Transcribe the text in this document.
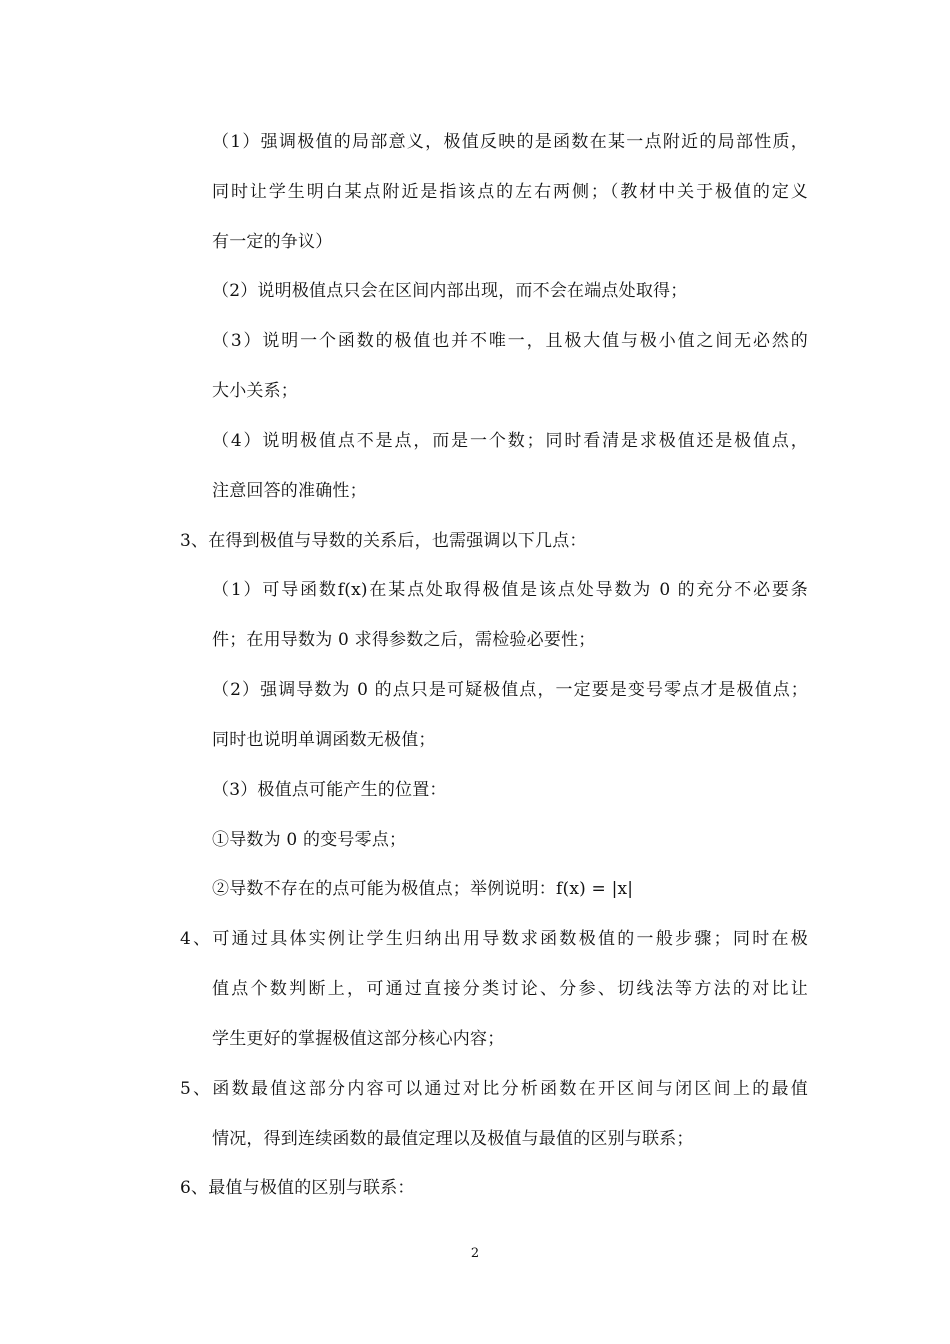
（1）强调极值的局部意义，极值反映的是函数在某一点附近的局部性质，
同时让学生明白某点附近是指该点的左右两侧；（教材中关于极值的定义
有一定的争议）
（2）说明极值点只会在区间内部出现，而不会在端点处取得；
（3）说明一个函数的极值也并不唯一，且极大值与极小值之间无必然的
大小关系；
（4）说明极值点不是点，而是一个数；同时看清是求极值还是极值点，
注意回答的准确性；
3、在得到极值与导数的关系后，也需强调以下几点：
（1）可导函数f(x)在某点处取得极值是该点处导数为 0 的充分不必要条
件；在用导数为 0 求得参数之后，需检验必要性；
（2）强调导数为 0 的点只是可疑极值点，一定要是变号零点才是极值点；
同时也说明单调函数无极值；
（3）极值点可能产生的位置：
①导数为 0 的变号零点；
②导数不存在的点可能为极值点；举例说明：f(x) = |x|
4、可通过具体实例让学生归纳出用导数求函数极值的一般步骤；同时在极
值点个数判断上，可通过直接分类讨论、分参、切线法等方法的对比让
学生更好的掌握极值这部分核心内容；
5、函数最值这部分内容可以通过对比分析函数在开区间与闭区间上的最值
情况，得到连续函数的最值定理以及极值与最值的区别与联系；
6、最值与极值的区别与联系：
2
